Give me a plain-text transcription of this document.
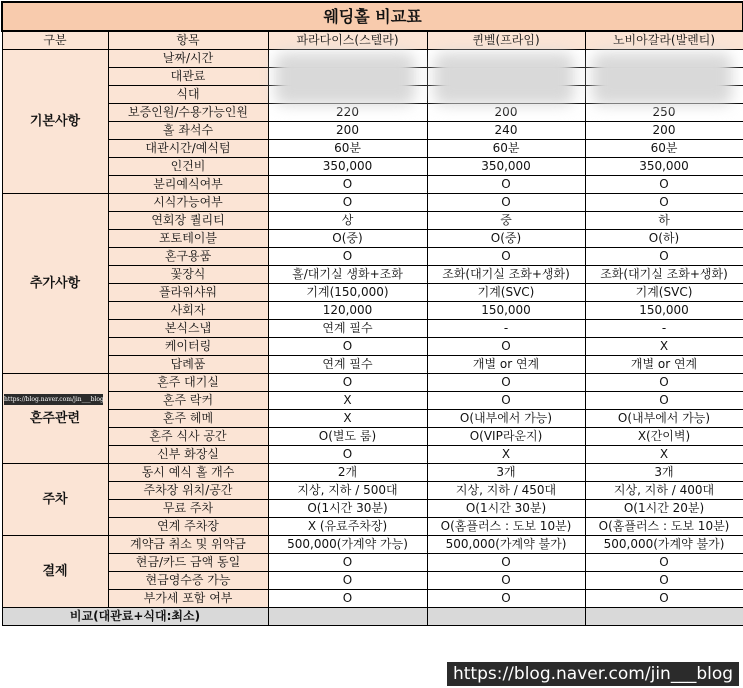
웨딩홀 비교표				
구분	항목	파라다이스(스텔라)	퀸벨(프라임)	노비아갈라(발렌티)
기본사항	날짜/시간			
	대관료			
	식대			
	보증인원/수용가능인원	220	200	250
	홀 좌석수	200	240	200
	대관시간/예식텀	60분	60분	60분
	인건비	350,000	350,000	350,000
	분리예식여부	O	O	O
추가사항	시식가능여부	O	O	O
	연회장 퀄리티	상	중	하
	포토테이블	O(중)	O(중)	O(하)
	혼구용품	O	O	O
	꽃장식	홀/대기실 생화+조화	조화(대기실 조화+생화)	조화(대기실 조화+생화)
	플라워샤워	기계(150,000)	기계(SVC)	기계(SVC)
	사회자	120,000	150,000	150,000
	본식스냅	연계 필수	-	-
	케이터링	O	O	X
	답례품	연계 필수	개별 or 연계	개별 or 연계
혼주관련	혼주 대기실	O	O	O
	혼주 락커	X	O	O
	혼주 헤메	X	O(내부에서 가능)	O(내부에서 가능)
	혼주 식사 공간	O(별도 룸)	O(VIP라운지)	X(간이벽)
	신부 화장실	O	X	X
주차	동시 예식 홀 개수	2개	3개	3개
	주차장 위치/공간	지상, 지하 / 500대	지상, 지하 / 450대	지상, 지하 / 400대
	무료 주차	O(1시간 30분)	O(1시간 30분)	O(1시간 20분)
	연계 주차장	X (유료주차장)	O(홈플러스 : 도보 10분)	O(홈플러스 : 도보 10분)
결제	계약금 취소 및 위약금	500,000(가계약 가능)	500,000(가계약 불가)	500,000(가계약 불가)
	현금/카드 금액 동일	O	O	O
	현금영수증 가능	O	O	O
	부가세 포함 여부	O	O	O
비교(대관료+식대:최소)				
https://blog.naver.com/jin___blog
https://blog.naver.com/jin___blog
